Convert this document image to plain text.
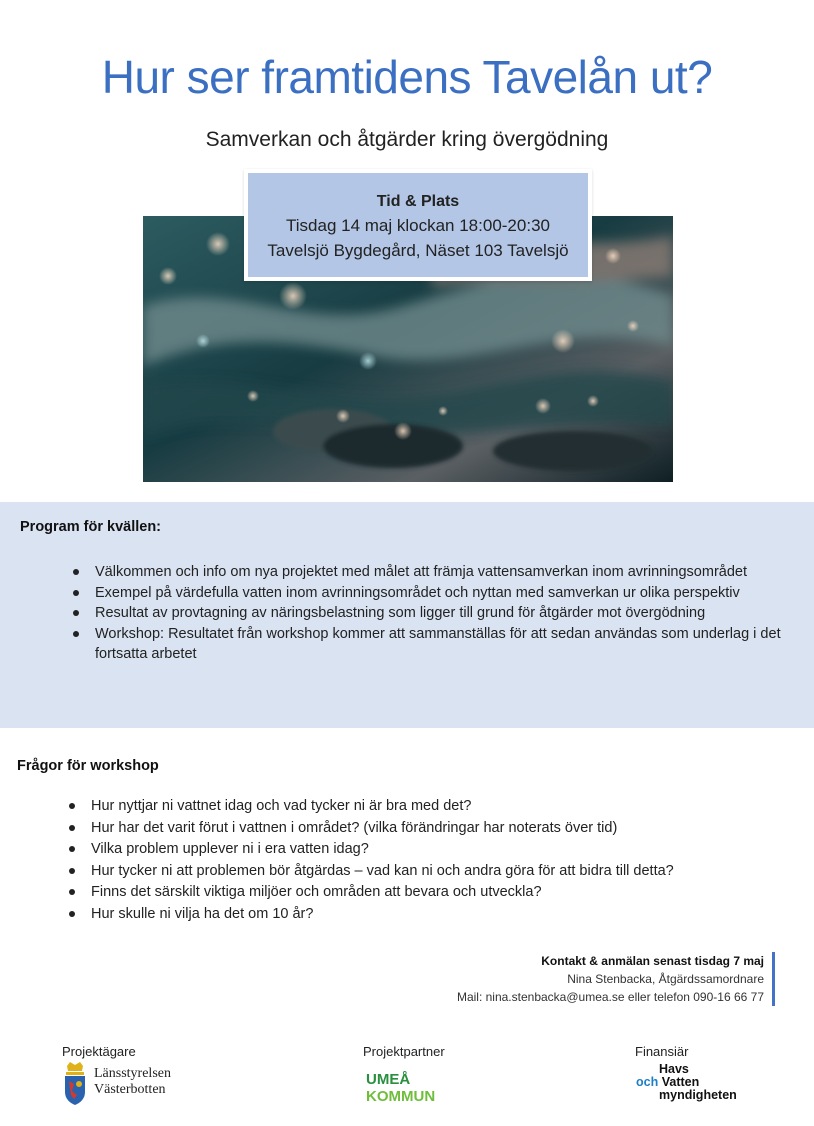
Hur ser framtidens Tavelån ut?
Samverkan och åtgärder kring övergödning
Tid & Plats
Tisdag 14 maj klockan 18:00-20:30
Tavelsjö Bygdegård, Näset 103 Tavelsjö
Program för kvällen:
Välkommen och info om nya projektet med målet att främja vattensamverkan inom avrinningsområdet
Exempel på värdefulla vatten inom avrinningsområdet och nyttan med samverkan ur olika perspektiv
Resultat av provtagning av näringsbelastning som ligger till grund för åtgärder mot övergödning
Workshop: Resultatet från workshop kommer att sammanställas för att sedan användas som underlag i det fortsatta arbetet
Frågor för workshop
Hur nyttjar ni vattnet idag och vad tycker ni är bra med det?
Hur har det varit förut i vattnen i området? (vilka förändringar har noterats över tid)
Vilka problem upplever ni i era vatten idag?
Hur tycker ni att problemen bör åtgärdas – vad kan ni och andra göra för att bidra till detta?
Finns det särskilt viktiga miljöer och områden att bevara och utveckla?
Hur skulle ni vilja ha det om 10 år?
Kontakt & anmälan senast tisdag 7 maj
Nina Stenbacka, Åtgärdssamordnare
Mail: nina.stenbacka@umea.se eller telefon 090-16 66 77
Projektägare	Projektpartner	Finansiär
Länsstyrelsen
Västerbotten
UMEÅ
KOMMUN
Havs
och Vatten
myndigheten
